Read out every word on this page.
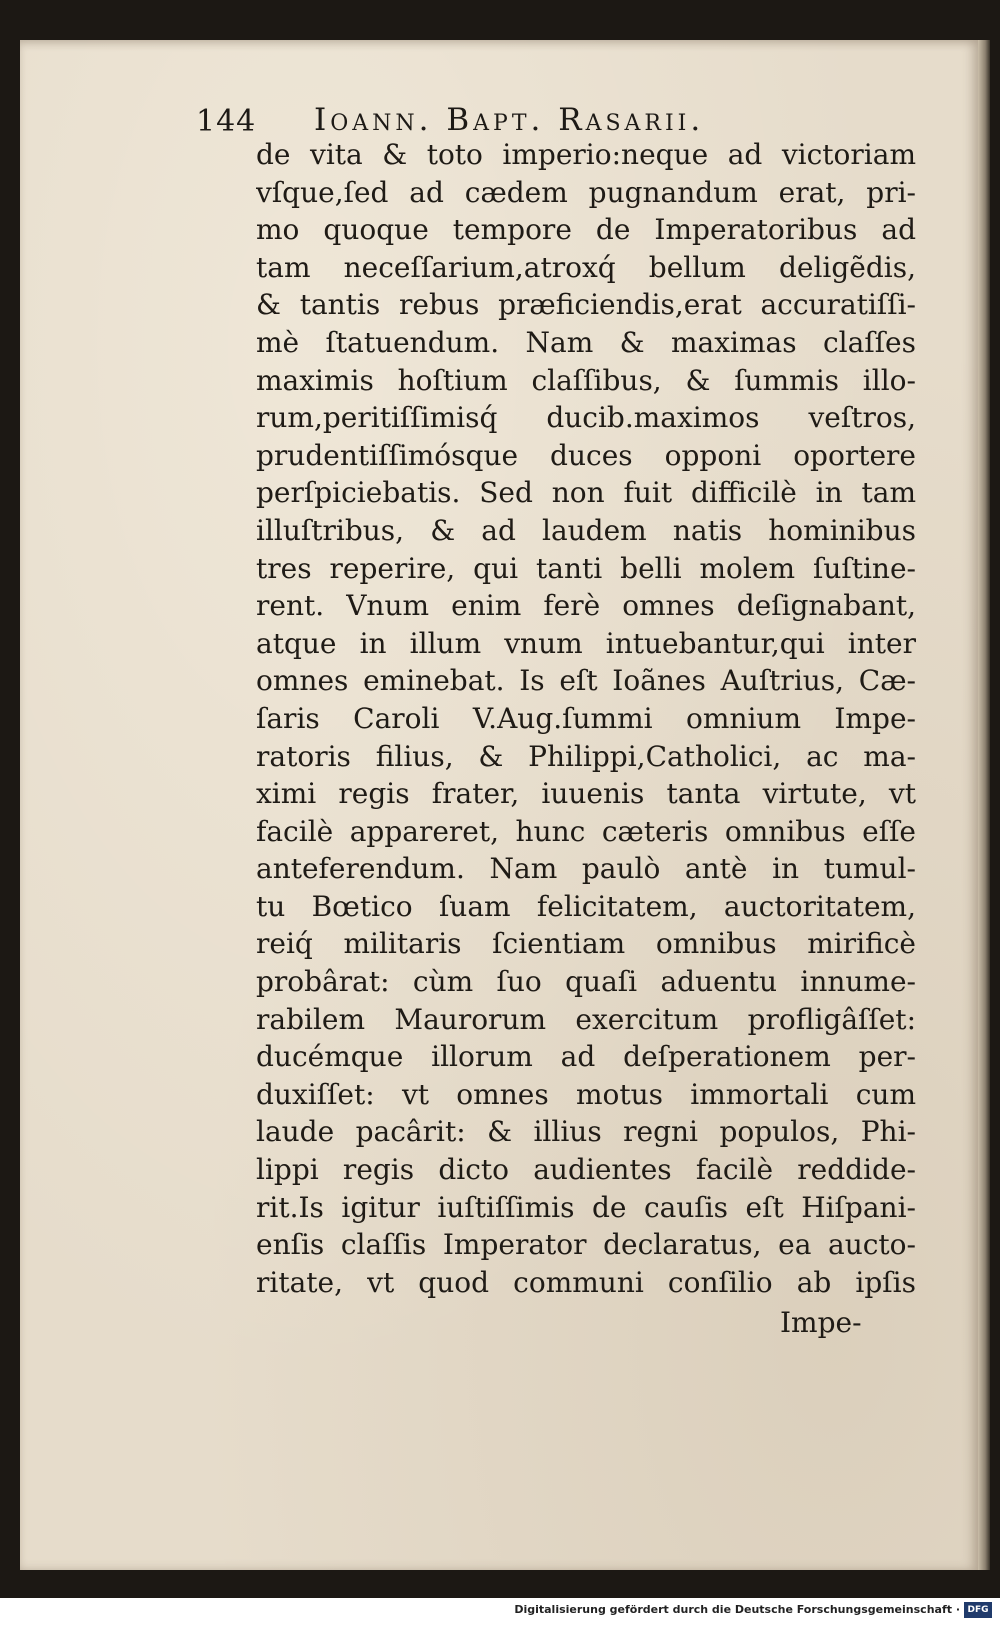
144 Ioann. Bapt. Rasarii.
de vita & toto imperio:neque ad victoriam
vſque,ſed ad cædem pugnandum erat, pri-
mo quoque tempore de Imperatoribus ad
tam neceſſarium,atroxq́ bellum deligẽdis,
& tantis rebus præficiendis,erat accuratiſſi-
mè ſtatuendum. Nam & maximas claſſes
maximis hoſtium claſſibus, & ſummis illo-
rum,peritiſſimisq́ ducib.maximos veſtros,
prudentiſſimósque duces opponi oportere
perſpiciebatis. Sed non fuit difficilè in tam
illuſtribus, & ad laudem natis hominibus
tres reperire, qui tanti belli molem ſuſtine-
rent. Vnum enim ferè omnes deſignabant,
atque in illum vnum intuebantur,qui inter
omnes eminebat. Is eſt Ioãnes Auſtrius, Cæ-
ſaris Caroli V.Aug.ſummi omnium Impe-
ratoris filius, & Philippi,Catholici, ac ma-
ximi regis frater, iuuenis tanta virtute, vt
facilè appareret, hunc cæteris omnibus eſſe
anteferendum. Nam paulò antè in tumul-
tu Bœtico ſuam felicitatem, auctoritatem,
reiq́ militaris ſcientiam omnibus mirificè
probârat: cùm ſuo quaſi aduentu innume-
rabilem Maurorum exercitum profligâſſet:
ducémque illorum ad deſperationem per-
duxiſſet: vt omnes motus immortali cum
laude pacârit: & illius regni populos, Phi-
lippi regis dicto audientes facilè reddide-
rit.Is igitur iuſtiſſimis de cauſis eſt Hiſpani-
enſis claſſis Imperator declaratus, ea aucto-
ritate, vt quod communi conſilio ab ipſis
Impe-
Digitalisierung gefördert durch die Deutsche Forschungsgemeinschaft · DFG
